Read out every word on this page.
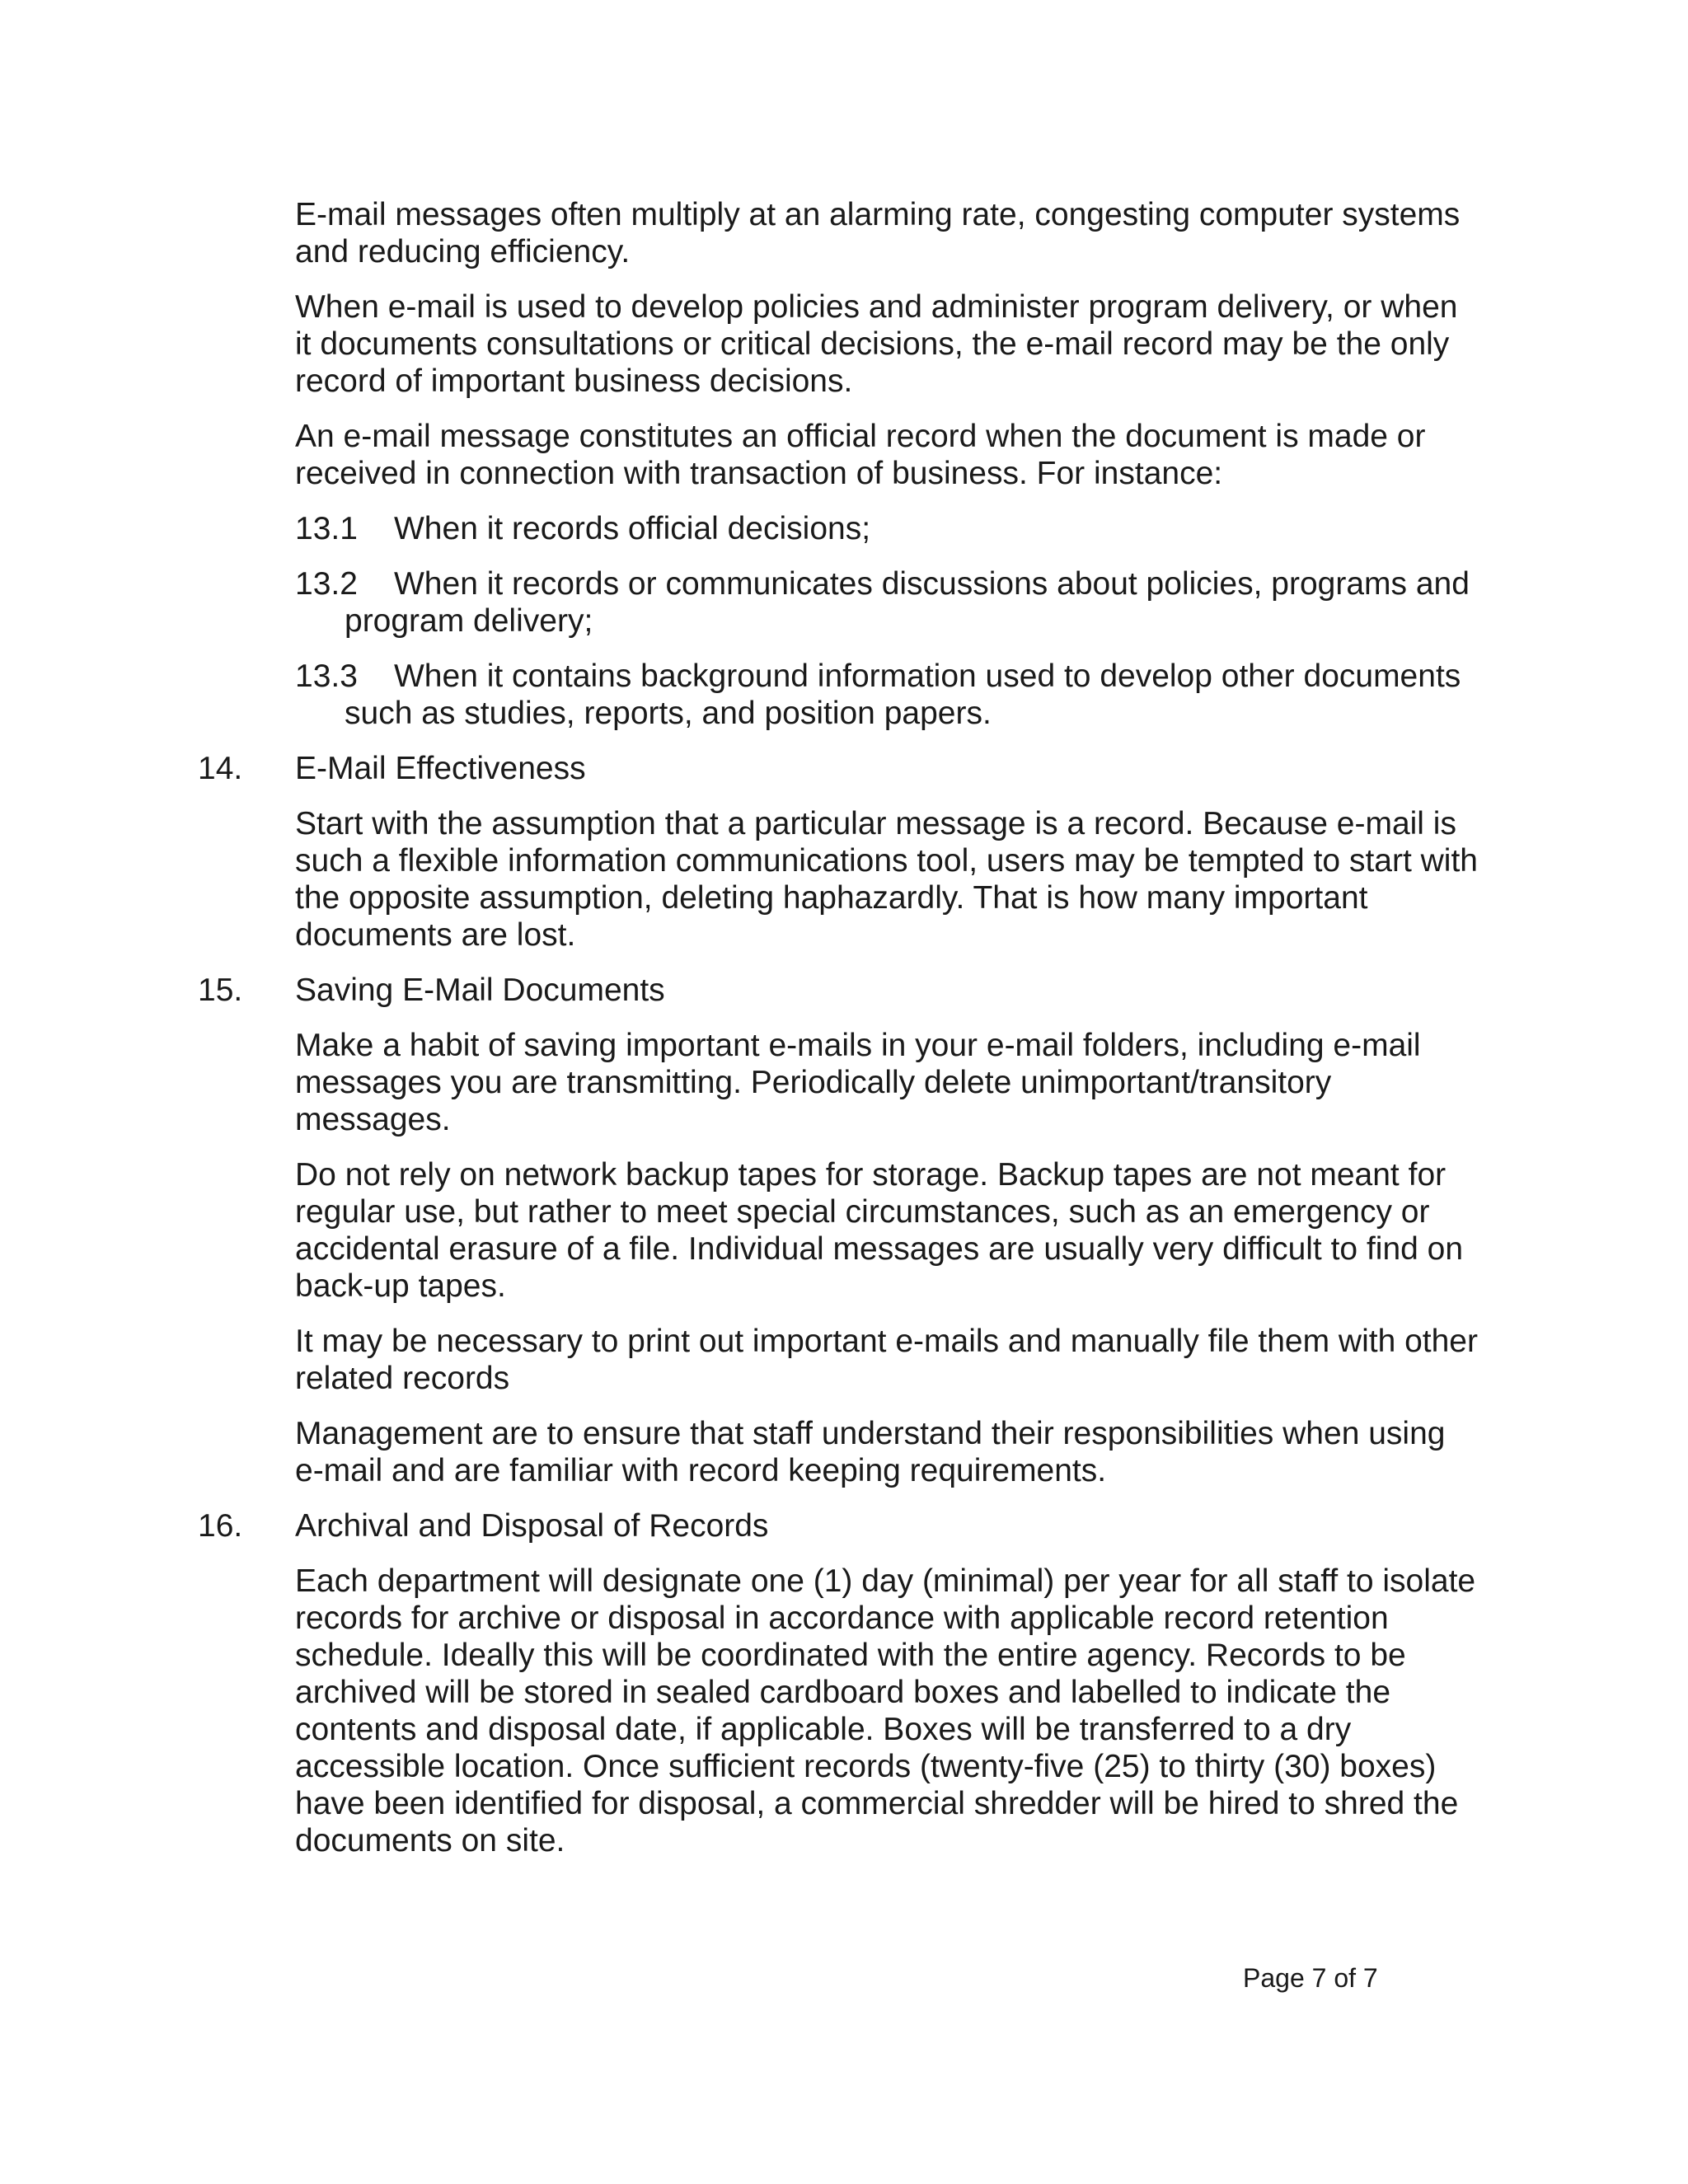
E-mail messages often multiply at an alarming rate, congesting computer systems and reducing efficiency.

When e-mail is used to develop policies and administer program delivery, or when it documents consultations or critical decisions, the e-mail record may be the only record of important business decisions.

An e-mail message constitutes an official record when the document is made or received in connection with transaction of business. For instance:

13.1 When it records official decisions;

13.2 When it records or communicates discussions about policies, programs and program delivery;

13.3 When it contains background information used to develop other documents such as studies, reports, and position papers.

14. E-Mail Effectiveness

Start with the assumption that a particular message is a record. Because e-mail is such a flexible information communications tool, users may be tempted to start with the opposite assumption, deleting haphazardly. That is how many important documents are lost.

15. Saving E-Mail Documents

Make a habit of saving important e-mails in your e-mail folders, including e-mail messages you are transmitting. Periodically delete unimportant/transitory messages.

Do not rely on network backup tapes for storage. Backup tapes are not meant for regular use, but rather to meet special circumstances, such as an emergency or accidental erasure of a file. Individual messages are usually very difficult to find on back-up tapes.

It may be necessary to print out important e-mails and manually file them with other related records

Management are to ensure that staff understand their responsibilities when using e-mail and are familiar with record keeping requirements.

16. Archival and Disposal of Records

Each department will designate one (1) day (minimal) per year for all staff to isolate records for archive or disposal in accordance with applicable record retention schedule. Ideally this will be coordinated with the entire agency. Records to be archived will be stored in sealed cardboard boxes and labelled to indicate the contents and disposal date, if applicable. Boxes will be transferred to a dry accessible location. Once sufficient records (twenty-five (25) to thirty (30) boxes) have been identified for disposal, a commercial shredder will be hired to shred the documents on site.

Page 7 of 7
